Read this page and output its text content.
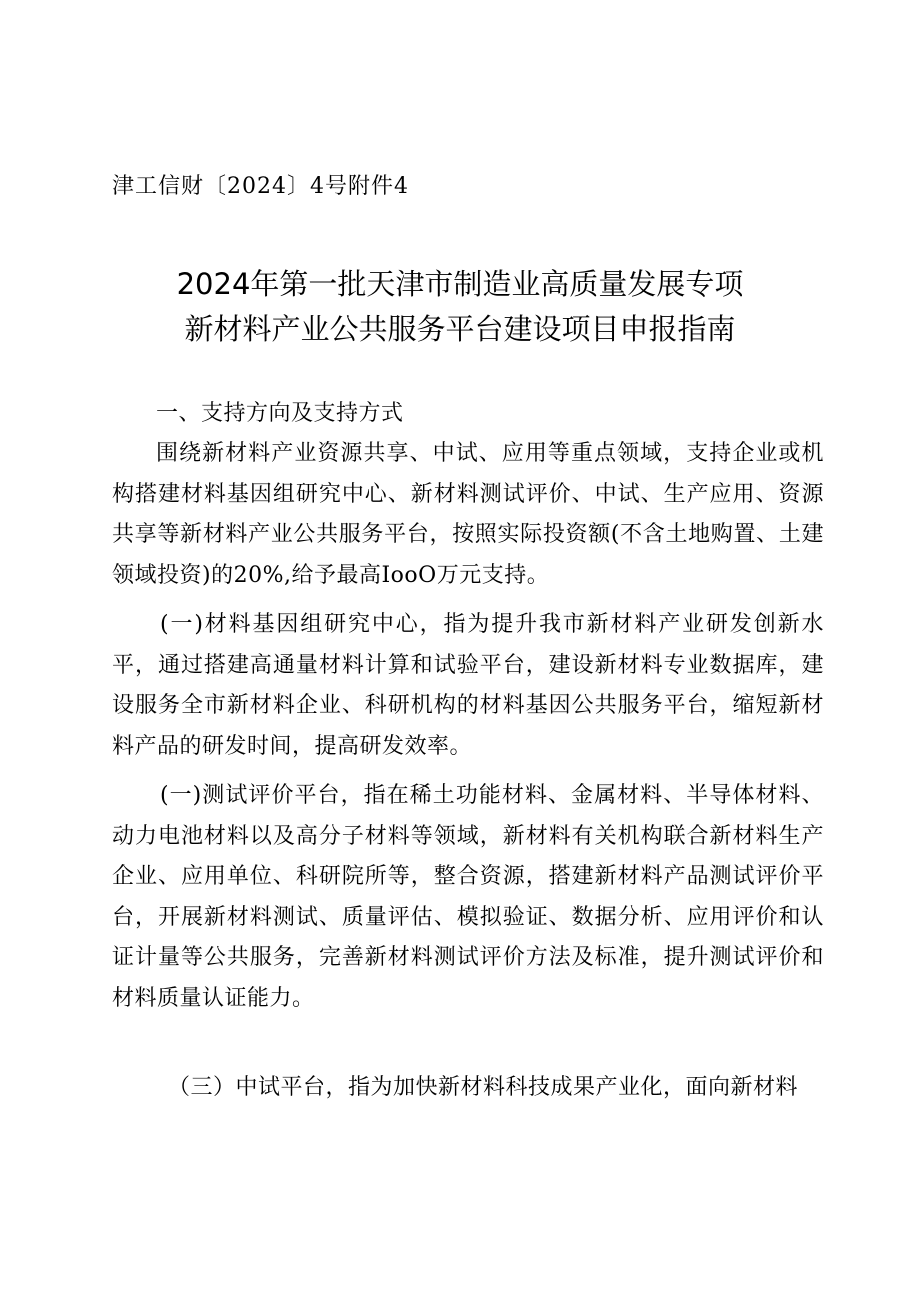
津工信财〔2024〕4号附件4
2024年第一批天津市制造业高质量发展专项
新材料产业公共服务平台建设项目申报指南
一、支持方向及支持方式
围绕新材料产业资源共享、中试、应用等重点领域，支持企业或机构搭建材料基因组研究中心、新材料测试评价、中试、生产应用、资源共享等新材料产业公共服务平台，按照实际投资额(不含土地购置、土建领域投资)的20%,给予最高IooO万元支持。
(一)材料基因组研究中心，指为提升我市新材料产业研发创新水平，通过搭建高通量材料计算和试验平台，建设新材料专业数据库，建设服务全市新材料企业、科研机构的材料基因公共服务平台，缩短新材料产品的研发时间，提高研发效率。
(一)测试评价平台，指在稀土功能材料、金属材料、半导体材料、动力电池材料以及高分子材料等领域，新材料有关机构联合新材料生产企业、应用单位、科研院所等，整合资源，搭建新材料产品测试评价平台，开展新材料测试、质量评估、模拟验证、数据分析、应用评价和认证计量等公共服务，完善新材料测试评价方法及标准，提升测试评价和材料质量认证能力。
（三）中试平台，指为加快新材料科技成果产业化，面向新材料
